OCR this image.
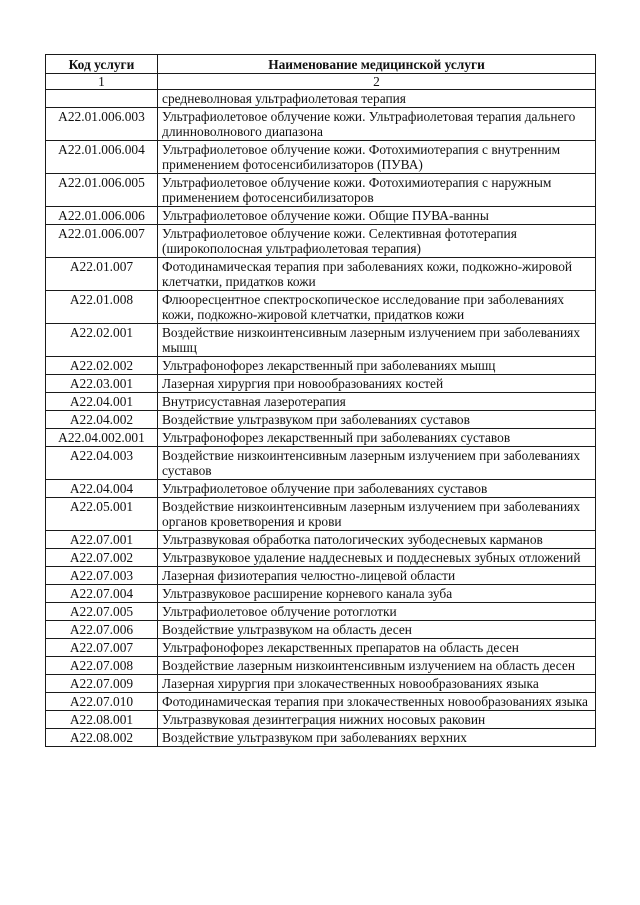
Код услуги	Наименование медицинской услуги
1	2
	средневолновая ультрафиолетовая терапия
A22.01.006.003	Ультрафиолетовое облучение кожи. Ультрафиолетовая терапия дальнего длинноволнового диапазона
A22.01.006.004	Ультрафиолетовое облучение кожи. Фотохимиотерапия с внутренним применением фотосенсибилизаторов (ПУВА)
A22.01.006.005	Ультрафиолетовое облучение кожи. Фотохимиотерапия с наружным применением фотосенсибилизаторов
A22.01.006.006	Ультрафиолетовое облучение кожи. Общие ПУВА-ванны
A22.01.006.007	Ультрафиолетовое облучение кожи. Селективная фототерапия (широкополосная ультрафиолетовая терапия)
A22.01.007	Фотодинамическая терапия при заболеваниях кожи, подкожно-жировой клетчатки, придатков кожи
A22.01.008	Флюоресцентное спектроскопическое исследование при заболеваниях кожи, подкожно-жировой клетчатки, придатков кожи
A22.02.001	Воздействие низкоинтенсивным лазерным излучением при заболеваниях мышц
A22.02.002	Ультрафонофорез лекарственный при заболеваниях мышц
A22.03.001	Лазерная хирургия при новообразованиях костей
A22.04.001	Внутрисуставная лазеротерапия
A22.04.002	Воздействие ультразвуком при заболеваниях суставов
A22.04.002.001	Ультрафонофорез лекарственный при заболеваниях суставов
A22.04.003	Воздействие низкоинтенсивным лазерным излучением при заболеваниях суставов
A22.04.004	Ультрафиолетовое облучение при заболеваниях суставов
A22.05.001	Воздействие низкоинтенсивным лазерным излучением при заболеваниях органов кроветворения и крови
A22.07.001	Ультразвуковая обработка патологических зубодесневых карманов
A22.07.002	Ультразвуковое удаление наддесневых и поддесневых зубных отложений
A22.07.003	Лазерная физиотерапия челюстно-лицевой области
A22.07.004	Ультразвуковое расширение корневого канала зуба
A22.07.005	Ультрафиолетовое облучение ротоглотки
A22.07.006	Воздействие ультразвуком на область десен
A22.07.007	Ультрафонофорез лекарственных препаратов на область десен
A22.07.008	Воздействие лазерным низкоинтенсивным излучением на область десен
A22.07.009	Лазерная хирургия при злокачественных новообразованиях языка
A22.07.010	Фотодинамическая терапия при злокачественных новообразованиях языка
A22.08.001	Ультразвуковая дезинтеграция нижних носовых раковин
A22.08.002	Воздействие ультразвуком при заболеваниях верхних
